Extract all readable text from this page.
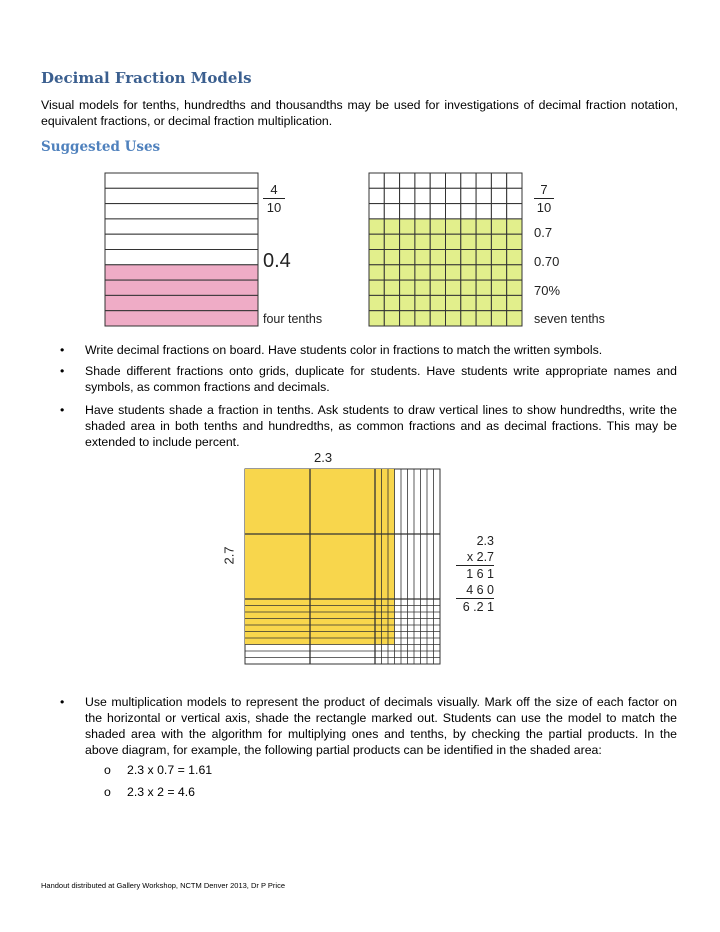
Decimal Fraction Models
Visual models for tenths, hundredths and thousandths may be used for investigations of decimal fraction notation, equivalent fractions, or decimal fraction multiplication.
Suggested Uses
4
10
0.4
four tenths
7
10
0.7
0.70
70%
seven tenths
• Write decimal fractions on board. Have students color in fractions to match the written symbols.
• Shade different fractions onto grids, duplicate for students. Have students write appropriate names and symbols, as common fractions and decimals.
• Have students shade a fraction in tenths. Ask students to draw vertical lines to show hundredths, write the shaded area in both tenths and hundredths, as common fractions and as decimal fractions. This may be extended to include percent.
2.3
2.7
2.3
x 2.7
1 6 1
4 6 0
6 .2 1
• Use multiplication models to represent the product of decimals visually. Mark off the size of each factor on the horizontal or vertical axis, shade the rectangle marked out. Students can use the model to match the shaded area with the algorithm for multiplying ones and tenths, by checking the partial products. In the above diagram, for example, the following partial products can be identified in the shaded area:
o 2.3 x 0.7 = 1.61
o 2.3 x 2 = 4.6
Handout distributed at Gallery Workshop, NCTM Denver 2013, Dr P Price
